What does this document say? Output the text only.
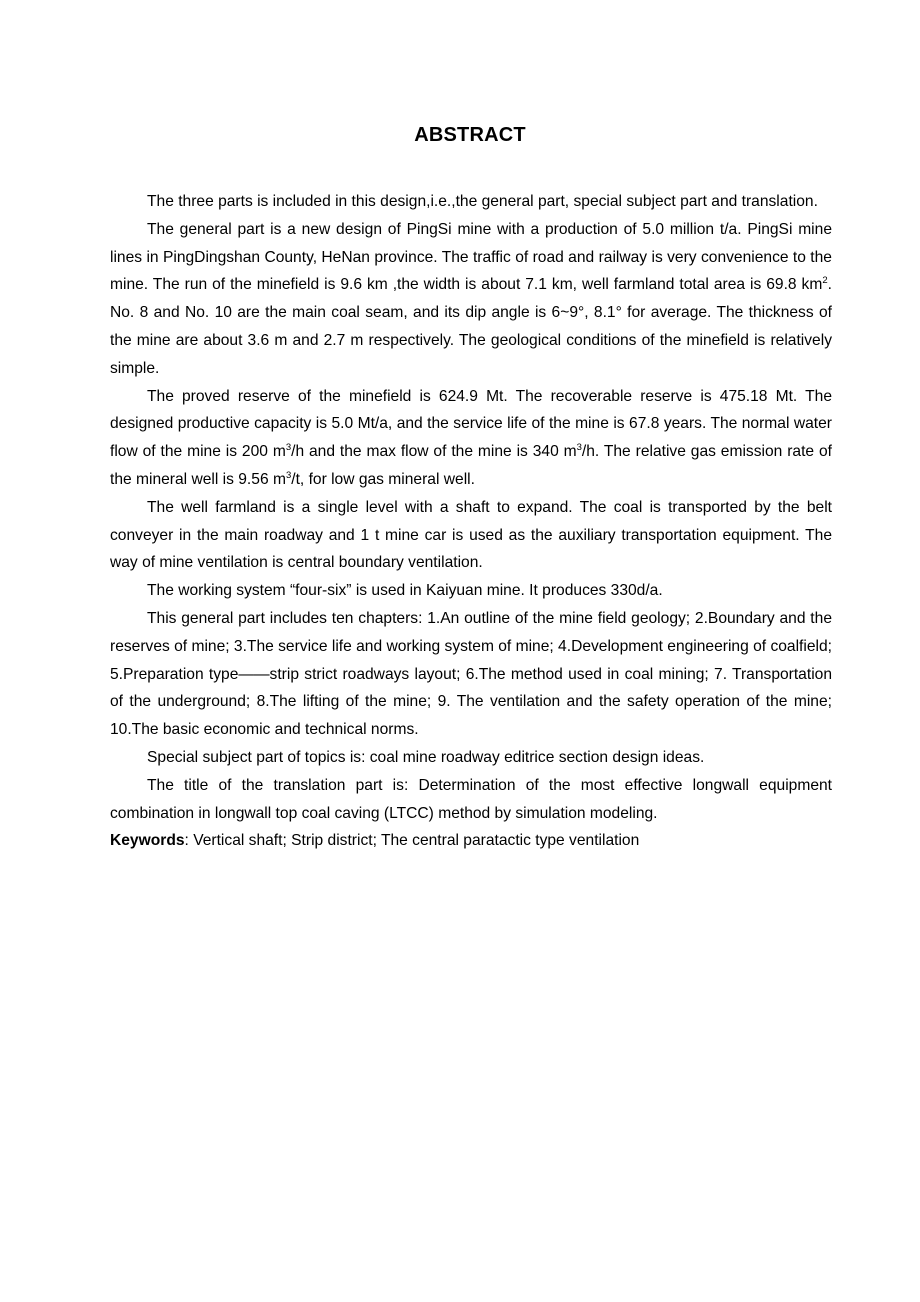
ABSTRACT

The three parts is included in this design,i.e.,the general part, special subject part and translation.

The general part is a new design of PingSi mine with a production of 5.0 million t/a. PingSi mine lines in PingDingshan County, HeNan province. The traffic of road and railway is very convenience to the mine. The run of the minefield is 9.6 km ,the width is about 7.1 km, well farmland total area is 69.8 $km^2$. No. 8 and No. 10 are the main coal seam, and its dip angle is 6~9°, 8.1° for average. The thickness of the mine are about 3.6 m and 2.7 m respectively. The geological conditions of the minefield is relatively simple.

The proved reserve of the minefield is 624.9 Mt. The recoverable reserve is 475.18 Mt. The designed productive capacity is 5.0 Mt/a, and the service life of the mine is 67.8 years. The normal water flow of the mine is 200 $m^3/h$ and the max flow of the mine is 340 $m^3/h$. The relative gas emission rate of the mineral well is 9.56 $m^3/t$, for low gas mineral well.

The well farmland is a single level with a shaft to expand. The coal is transported by the belt conveyer in the main roadway and 1 t mine car is used as the auxiliary transportation equipment. The way of mine ventilation is central boundary ventilation.

The working system “four-six” is used in Kaiyuan mine. It produces 330d/a.

This general part includes ten chapters: 1.An outline of the mine field geology; 2.Boundary and the reserves of mine; 3.The service life and working system of mine; 4.Development engineering of coalfield; 5.Preparation type——strip strict roadways layout; 6.The method used in coal mining; 7. Transportation of the underground; 8.The lifting of the mine; 9. The ventilation and the safety operation of the mine; 10.The basic economic and technical norms.

Special subject part of topics is: coal mine roadway editrice section design ideas.

The title of the translation part is: Determination of the most effective longwall equipment combination in longwall top coal caving (LTCC) method by simulation modeling.

Keywords: Vertical shaft; Strip district; The central paratactic type ventilation
